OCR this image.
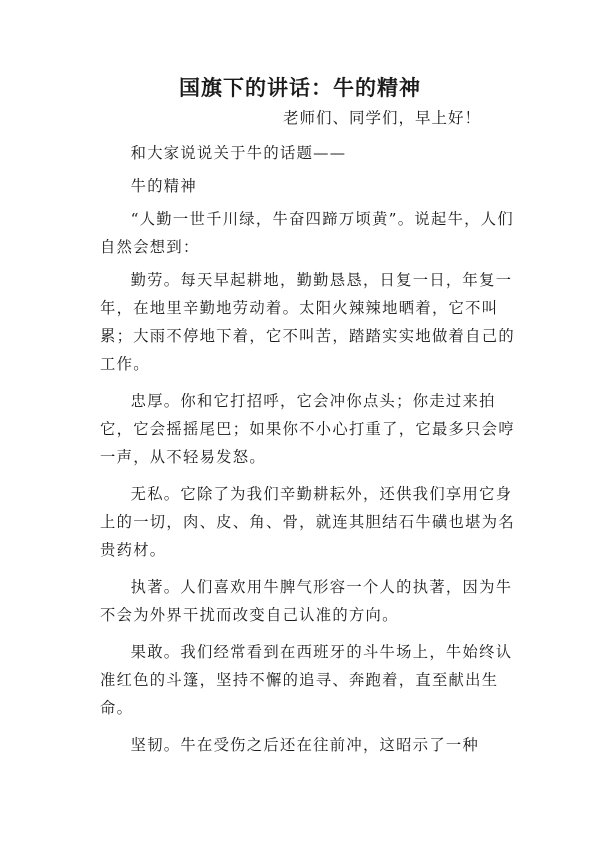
国旗下的讲话：牛的精神
老师们、同学们，早上好！

和大家说说关于牛的话题——

牛的精神

“人勤一世千川绿，牛奋四蹄万顷黄”。说起牛，人们自然会想到：

勤劳。每天早起耕地，勤勤恳恳，日复一日，年复一年，在地里辛勤地劳动着。太阳火辣辣地晒着，它不叫累；大雨不停地下着，它不叫苦，踏踏实实地做着自己的工作。

忠厚。你和它打招呼，它会冲你点头；你走过来拍它，它会摇摇尾巴；如果你不小心打重了，它最多只会哼一声，从不轻易发怒。

无私。它除了为我们辛勤耕耘外，还供我们享用它身上的一切，肉、皮、角、骨，就连其胆结石牛磺也堪为名贵药材。

执著。人们喜欢用牛脾气形容一个人的执著，因为牛不会为外界干扰而改变自己认准的方向。

果敢。我们经常看到在西班牙的斗牛场上，牛始终认准红色的斗篷，坚持不懈的追寻、奔跑着，直至献出生命。

坚韧。牛在受伤之后还在往前冲，这昭示了一种
